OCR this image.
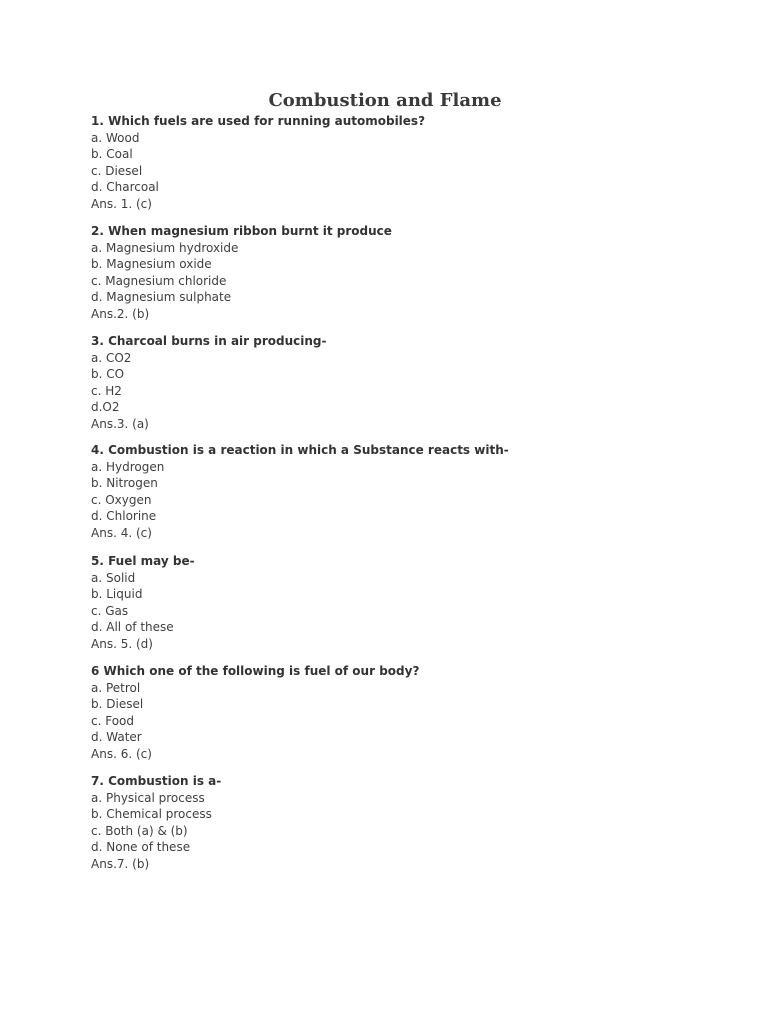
Combustion and Flame
1. Which fuels are used for running automobiles?
a. Wood
b. Coal
c. Diesel
d. Charcoal
Ans. 1. (c)
2. When magnesium ribbon burnt it produce
a. Magnesium hydroxide
b. Magnesium oxide
c. Magnesium chloride
d. Magnesium sulphate
Ans.2. (b)
3. Charcoal burns in air producing-
a. CO2
b. CO
c. H2
d.O2
Ans.3. (a)
4. Combustion is a reaction in which a Substance reacts with-
a. Hydrogen
b. Nitrogen
c. Oxygen
d. Chlorine
Ans. 4. (c)
5. Fuel may be-
a. Solid
b. Liquid
c. Gas
d. All of these
Ans. 5. (d)
6 Which one of the following is fuel of our body?
a. Petrol
b. Diesel
c. Food
d. Water
Ans. 6. (c)
7. Combustion is a-
a. Physical process
b. Chemical process
c. Both (a) & (b)
d. None of these
Ans.7. (b)
